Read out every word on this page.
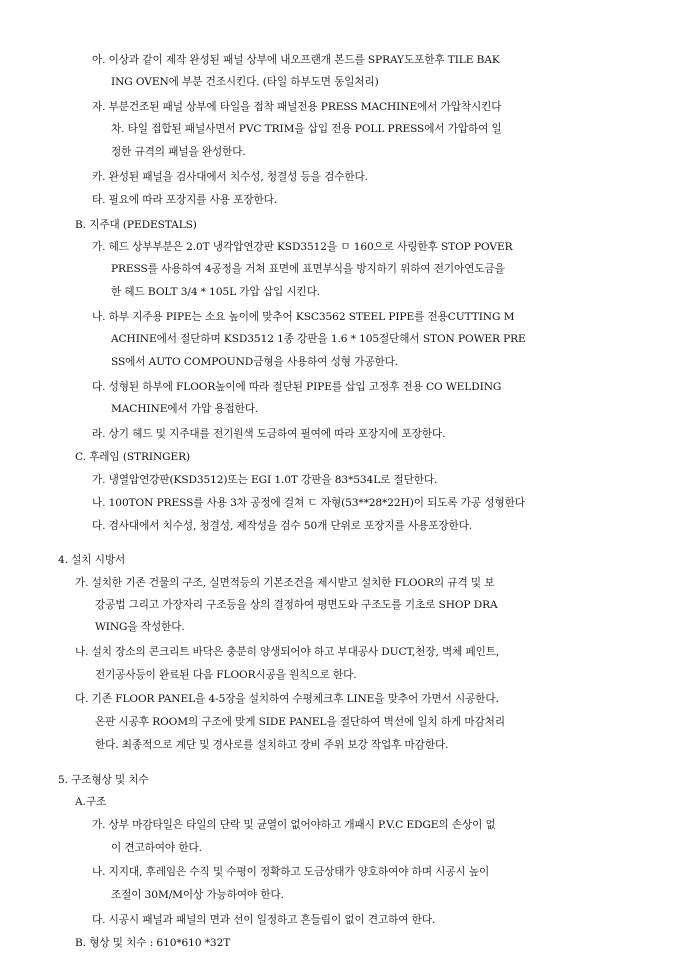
아. 이상과 같이 제작 완성된 패널 상부에 내오프랜개 본드를 SPRAY도포한후 TILE BAK

ING OVEN에 부분 건조시킨다. (타일 하부도면 동일처리)

자. 부분건조된 패널 상부에 타일을 접착 패널전용 PRESS MACHINE에서 가압착시킨다

차. 타일 접합된 패널사면서 PVC TRIM을 삽입 전용 POLL PRESS에서 가압하여 일

정한 규격의 패널을 완성한다.

카. 완성된 패널을 검사대에서 치수성, 청결성 등을 검수한다.

타. 필요에 따라 포장지를 사용 포장한다.

B. 지주대 (PEDESTALS)

가. 헤드 상부부분은 2.0T 냉각압연강판 KSD3512을 ㅁ 160으로 사링한후 STOP POVER

PRESS를 사용하여 4공정을 거쳐 표면에 표면부식을 방지하기 위하여 전기아연도금을

한 헤드 BOLT 3/4 * 105L 가압 삽입 시킨다.

나. 하부 지주용 PIPE는 소요 높이에 맞추어 KSC3562 STEEL PIPE를 전용CUTTING M

ACHINE에서 절단하며 KSD3512 1종 강판을 1.6 * 105절단해서 STON POWER PRE

SS에서 AUTO COMPOUND금형을 사용하여 성형 가공한다.

다. 성형된 하부에 FLOOR높이에 따라 절단된 PIPE를 삽입 고정후 전용 CO WELDING

MACHINE에서 가압 용접한다.

라. 상기 헤드 및 지주대를 전기원색 도금하여 필여에 따라 포장지에 포장한다.

C. 후레임 (STRINGER)

가. 냉열압연강판(KSD3512)또는 EGI 1.0T 강판을 83*534L로 절단한다.

나. 100TON PRESS를 사용 3차 공정에 걸쳐 ㄷ 자형(53**28*22H)이 되도록 가공 성형한다

다. 검사대에서 치수성, 청결성, 제작성을 검수 50개 단위로 포장지를 사용포장한다.

4. 설치 시방서

가. 설치한 기존 건물의 구조, 실면적등의 기본조건을 제시받고 설치한 FLOOR의 규격 및 보

강공법 그리고 가장자리 구조등을 상의 결정하여 평면도와 구조도를 기초로 SHOP DRA

WING을 작성한다.

나. 설치 장소의 콘크리트 바닥은 충분히 양생되어야 하고 부대공사 DUCT,천장, 벽체 페인트,

전기공사등이 완료된 다음 FLOOR시공을 원칙으로 한다.

다. 기존 FLOOR PANEL을 4-5장을 설치하여 수평체크후 LINE을 맞추어 가면서 시공한다.

온판 시공후 ROOM의 구조에 맞게 SIDE PANEL을 절단하여 벽선에 일치 하게 마감처리

한다. 최종적으로 계단 및 경사로를 설치하고 장비 주위 보강 작업후 마감한다.

5. 구조형상 및 치수

A.구조

가. 상부 마감타일은 타일의 단락 및 균열이 없어야하고 개패시 P.V.C EDGE의 손상이 없

이 견고하여야 한다.

나. 지지대, 후레임은 수직 및 수평이 정확하고 도금상태가 양호하여야 하며 시공시 높이

조절이 30M/M이상 가능하여야 한다.

다. 시공시 패널과 패널의 면과 선이 일정하고 흔들림이 없이 견고하여 한다.

B. 형상 및 치수 : 610*610 *32T
